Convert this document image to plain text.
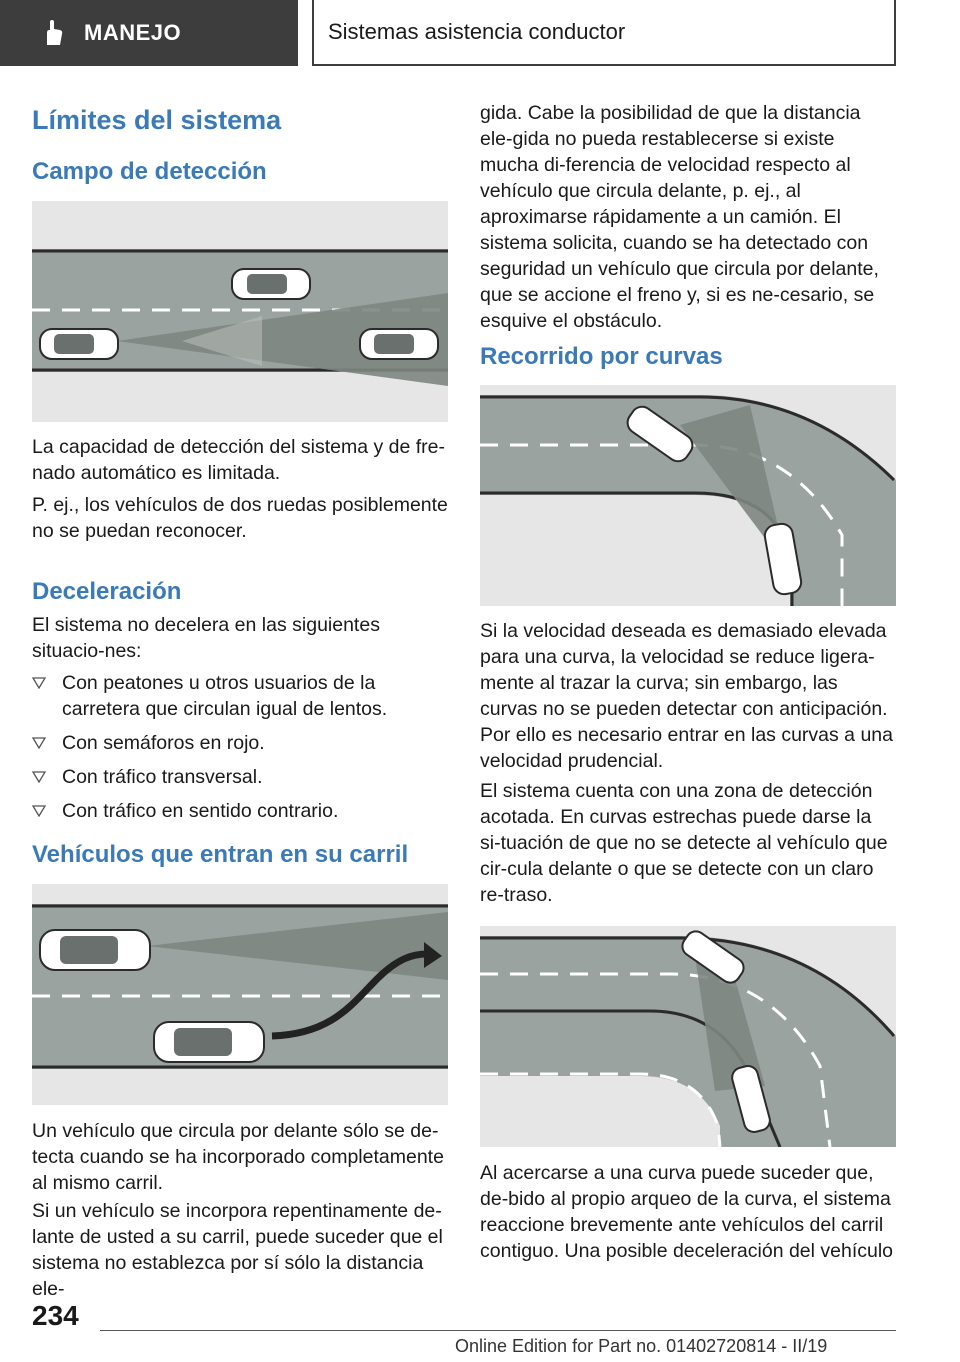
MANEJO	Sistemas asistencia conductor
Límites del sistema
Campo de detección

La capacidad de detección del sistema y de fre-nado automático es limitada.

P. ej., los vehículos de dos ruedas posiblemente no se puedan reconocer.

Deceleración

El sistema no decelera en las siguientes situacio-nes:

Con peatones u otros usuarios de la carretera que circulan igual de lentos.
Con semáforos en rojo.
Con tráfico transversal.
Con tráfico en sentido contrario.
Vehículos que entran en su carril

Un vehículo que circula por delante sólo se de-tecta cuando se ha incorporado completamente al mismo carril.

Si un vehículo se incorpora repentinamente de-lante de usted a su carril, puede suceder que el sistema no establezca por sí sólo la distancia ele-

gida. Cabe la posibilidad de que la distancia ele-gida no pueda restablecerse si existe mucha di-ferencia de velocidad respecto al vehículo que circula delante, p. ej., al aproximarse rápidamente a un camión. El sistema solicita, cuando se ha detectado con seguridad un vehículo que circula por delante, que se accione el freno y, si es ne-cesario, se esquive el obstáculo.

Recorrido por curvas

Si la velocidad deseada es demasiado elevada para una curva, la velocidad se reduce ligera-mente al trazar la curva; sin embargo, las curvas no se pueden detectar con anticipación. Por ello es necesario entrar en las curvas a una velocidad prudencial.

El sistema cuenta con una zona de detección acotada. En curvas estrechas puede darse la si-tuación de que no se detecte al vehículo que cir-cula delante o que se detecte con un claro re-traso.

Al acercarse a una curva puede suceder que, de-bido al propio arqueo de la curva, el sistema reaccione brevemente ante vehículos del carril contiguo. Una posible deceleración del vehículo

234
Online Edition for Part no. 01402720814 - II/19
